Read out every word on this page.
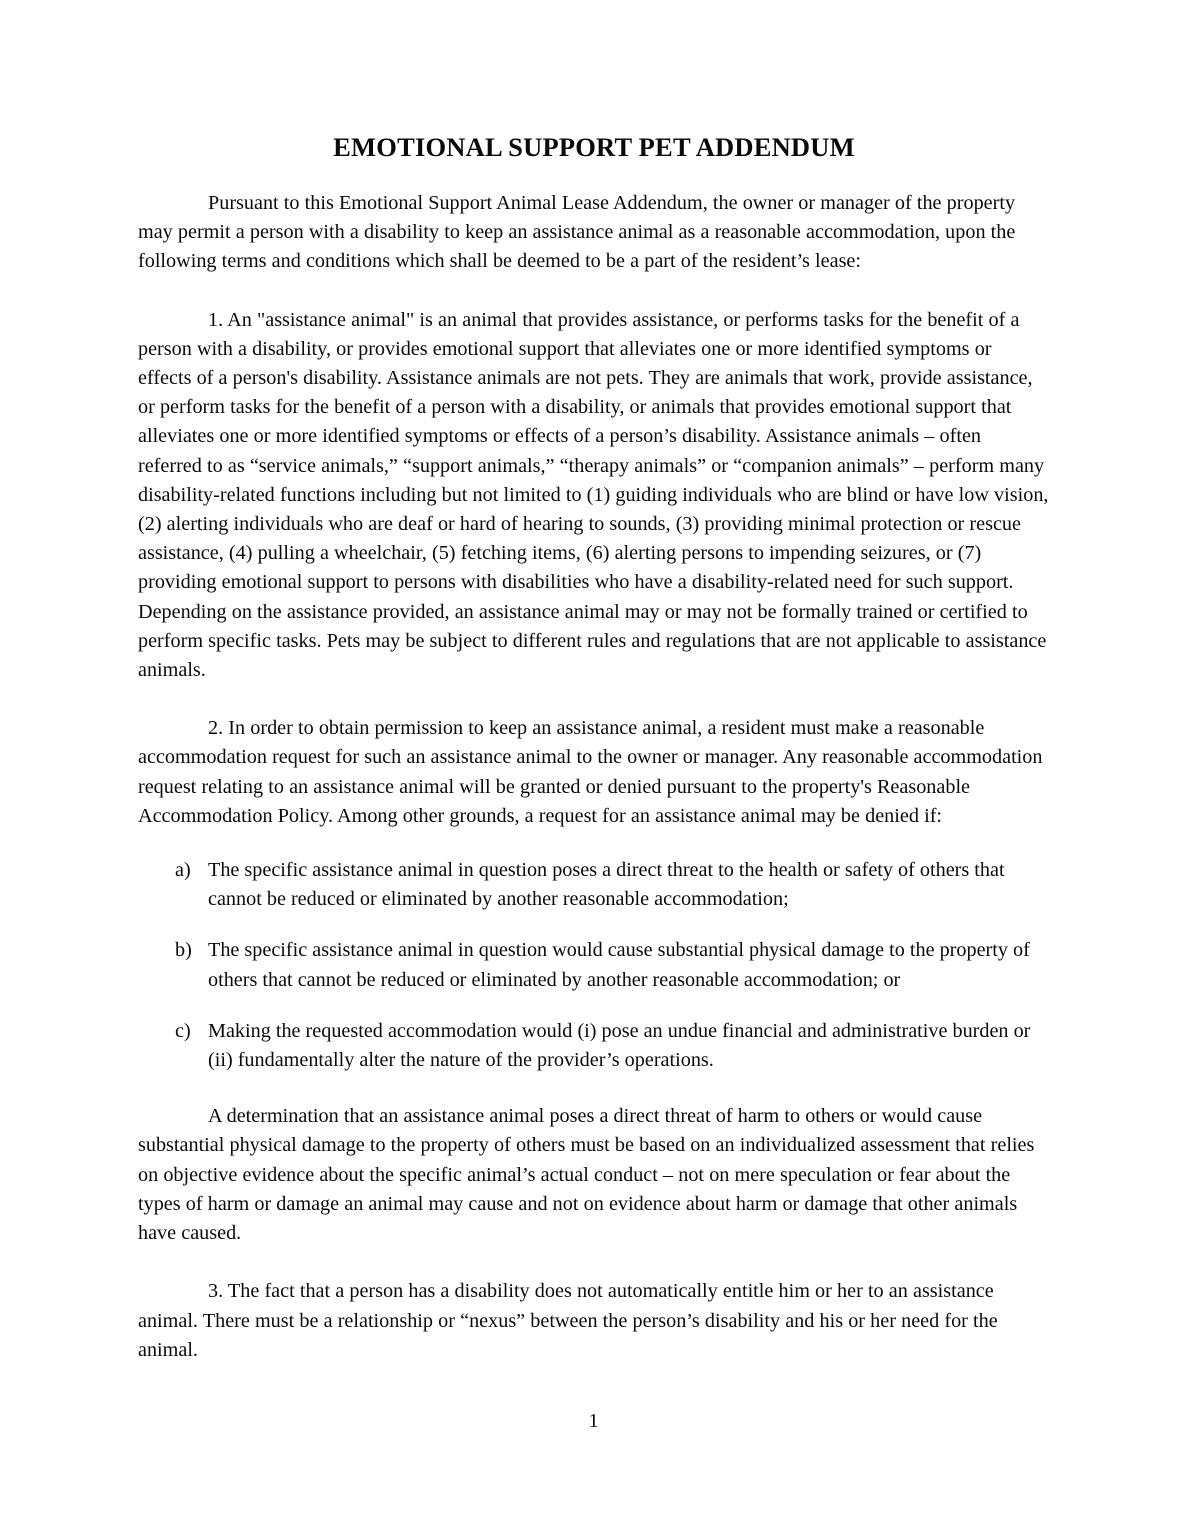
EMOTIONAL SUPPORT PET ADDENDUM

Pursuant to this Emotional Support Animal Lease Addendum, the owner or manager of the property may permit a person with a disability to keep an assistance animal as a reasonable accommodation, upon the following terms and conditions which shall be deemed to be a part of the resident’s lease:

1. An "assistance animal" is an animal that provides assistance, or performs tasks for the benefit of a person with a disability, or provides emotional support that alleviates one or more identified symptoms or effects of a person's disability. Assistance animals are not pets. They are animals that work, provide assistance, or perform tasks for the benefit of a person with a disability, or animals that provides emotional support that alleviates one or more identified symptoms or effects of a person’s disability. Assistance animals – often referred to as “service animals,” “support animals,” “therapy animals” or “companion animals” – perform many disability-related functions including but not limited to (1) guiding individuals who are blind or have low vision, (2) alerting individuals who are deaf or hard of hearing to sounds, (3) providing minimal protection or rescue assistance, (4) pulling a wheelchair, (5) fetching items, (6) alerting persons to impending seizures, or (7) providing emotional support to persons with disabilities who have a disability-related need for such support. Depending on the assistance provided, an assistance animal may or may not be formally trained or certified to perform specific tasks. Pets may be subject to different rules and regulations that are not applicable to assistance animals.

2. In order to obtain permission to keep an assistance animal, a resident must make a reasonable accommodation request for such an assistance animal to the owner or manager. Any reasonable accommodation request relating to an assistance animal will be granted or denied pursuant to the property's Reasonable Accommodation Policy. Among other grounds, a request for an assistance animal may be denied if:

a) The specific assistance animal in question poses a direct threat to the health or safety of others that cannot be reduced or eliminated by another reasonable accommodation;
b) The specific assistance animal in question would cause substantial physical damage to the property of others that cannot be reduced or eliminated by another reasonable accommodation; or
c) Making the requested accommodation would (i) pose an undue financial and administrative burden or (ii) fundamentally alter the nature of the provider’s operations.

A determination that an assistance animal poses a direct threat of harm to others or would cause substantial physical damage to the property of others must be based on an individualized assessment that relies on objective evidence about the specific animal’s actual conduct – not on mere speculation or fear about the types of harm or damage an animal may cause and not on evidence about harm or damage that other animals have caused.

3. The fact that a person has a disability does not automatically entitle him or her to an assistance animal. There must be a relationship or “nexus” between the person’s disability and his or her need for the animal.

1
